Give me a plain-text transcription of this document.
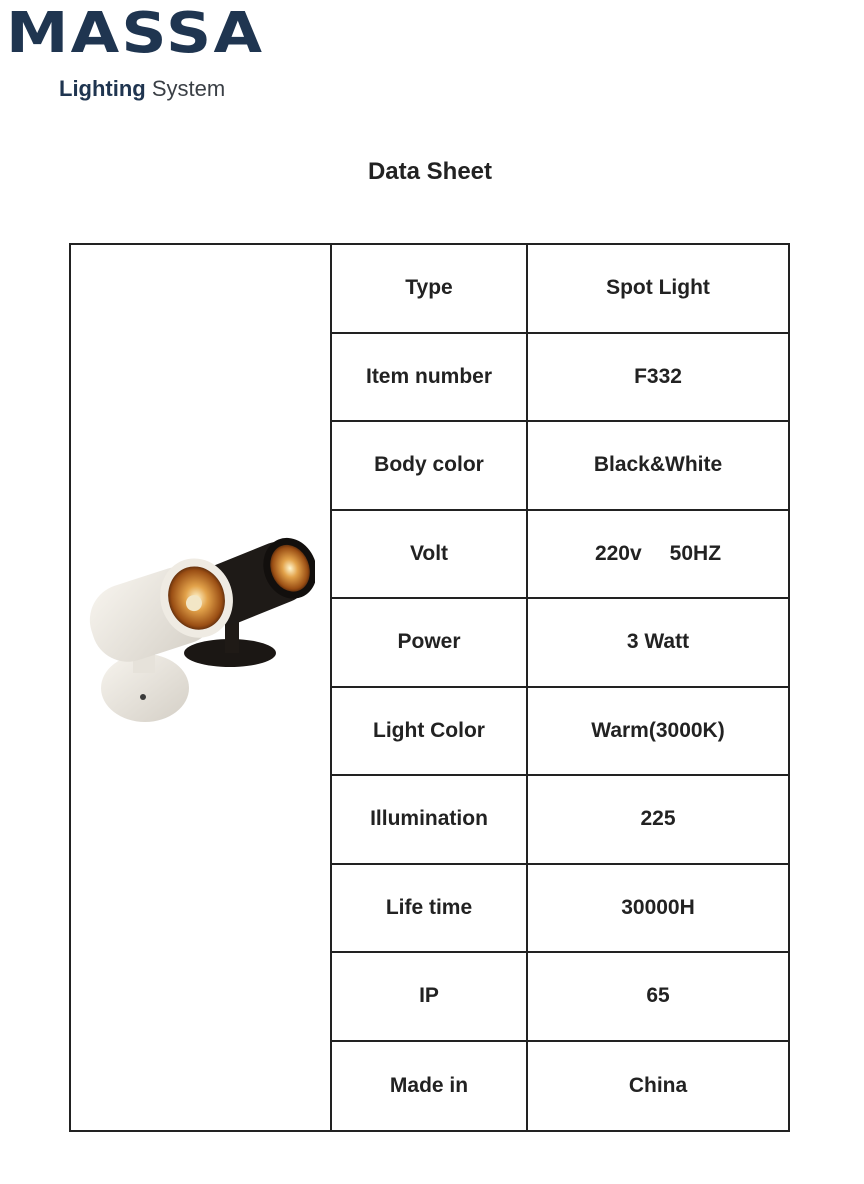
MASSA
Lighting System
Data Sheet
Type	Spot Light
Item number	F332
Body color	Black&White
Volt	220v 50HZ
Power	3 Watt
Light Color	Warm(3000K)
Illumination	225
Life time	30000H
IP	65
Made in	China
